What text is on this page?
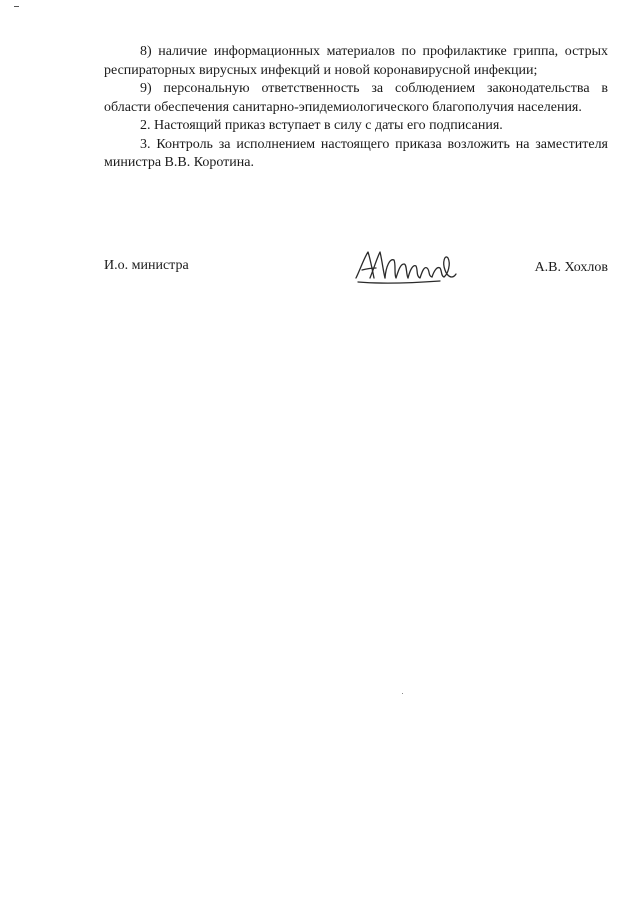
8) наличие информационных материалов по профилактике гриппа, острых респираторных вирусных инфекций и новой коронавирусной инфекции;

9) персональную ответственность за соблюдением законодательства в области обеспечения санитарно-эпидемиологического благополучия населения.

2. Настоящий приказ вступает в силу с даты его подписания.

3. Контроль за исполнением настоящего приказа возложить на заместителя министра В.В. Коротина.

И.о. министра	А.В. Хохлов
